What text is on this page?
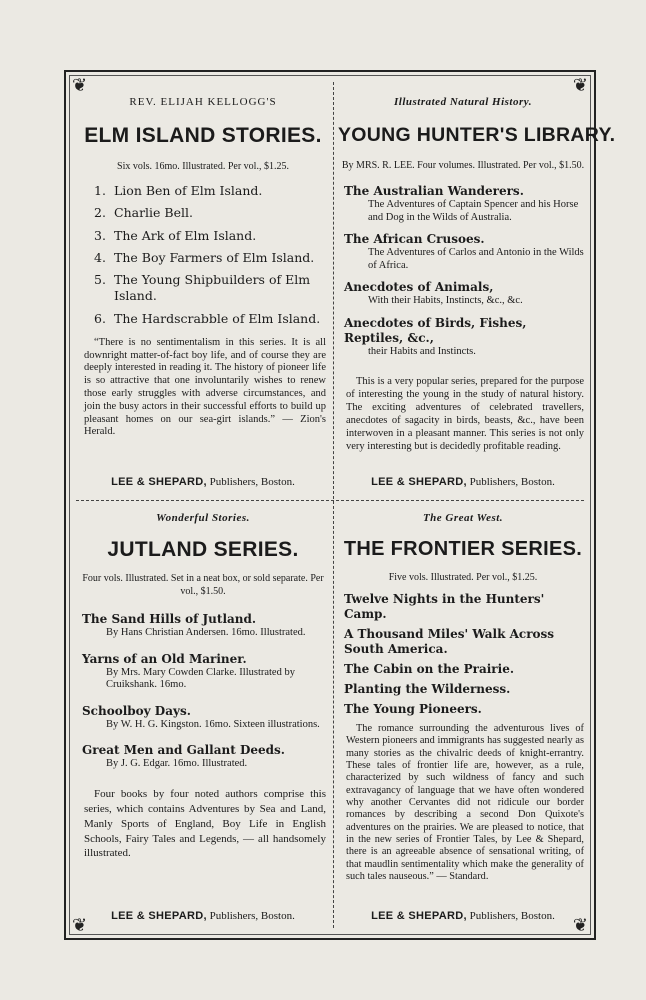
❦	❦
❦	❦
REV. ELIJAH KELLOGG'S
ELM ISLAND STORIES.
Six vols. 16mo. Illustrated. Per vol., $1.25.
1. Lion Ben of Elm Island.
2. Charlie Bell.
3. The Ark of Elm Island.
4. The Boy Farmers of Elm Island.
5. The Young Shipbuilders of Elm Island.
6. The Hardscrabble of Elm Island.
“There is no sentimentalism in this series. It is all downright matter-of-fact boy life, and of course they are deeply interested in reading it. The history of pioneer life is so attractive that one involuntarily wishes to renew those early struggles with adverse circumstances, and join the busy actors in their successful efforts to build up pleasant homes on our sea-girt islands.” — Zion's Herald.
LEE & SHEPARD, Publishers, Boston.
Illustrated Natural History.
YOUNG HUNTER'S LIBRARY.
By MRS. R. LEE. Four volumes. Illustrated. Per vol., $1.50.
The Australian Wanderers.
The Adventures of Captain Spencer and his Horse and Dog in the Wilds of Australia.
The African Crusoes.
The Adventures of Carlos and Antonio in the Wilds of Africa.
Anecdotes of Animals,
With their Habits, Instincts, &c., &c.
Anecdotes of Birds, Fishes, Reptiles, &c.,
their Habits and Instincts.
This is a very popular series, prepared for the purpose of interesting the young in the study of natural history. The exciting adventures of celebrated travellers, anecdotes of sagacity in birds, beasts, &c., have been interwoven in a pleasant manner. This series is not only very interesting but is decidedly profitable reading.
LEE & SHEPARD, Publishers, Boston.
Wonderful Stories.
JUTLAND SERIES.
Four vols. Illustrated. Set in a neat box, or sold separate. Per vol., $1.50.
The Sand Hills of Jutland.
By Hans Christian Andersen. 16mo. Illustrated.
Yarns of an Old Mariner.
By Mrs. Mary Cowden Clarke. Illustrated by Cruikshank. 16mo.
Schoolboy Days.
By W. H. G. Kingston. 16mo. Sixteen illustrations.
Great Men and Gallant Deeds.
By J. G. Edgar. 16mo. Illustrated.
Four books by four noted authors comprise this series, which contains Adventures by Sea and Land, Manly Sports of England, Boy Life in English Schools, Fairy Tales and Legends, — all handsomely illustrated.
LEE & SHEPARD, Publishers, Boston.
The Great West.
THE FRONTIER SERIES.
Five vols. Illustrated. Per vol., $1.25.
Twelve Nights in the Hunters' Camp.
A Thousand Miles' Walk Across South America.
The Cabin on the Prairie.
Planting the Wilderness.
The Young Pioneers.
The romance surrounding the adventurous lives of Western pioneers and immigrants has suggested nearly as many stories as the chivalric deeds of knight-errantry. These tales of frontier life are, however, as a rule, characterized by such wildness of fancy and such extravagancy of language that we have often wondered why another Cervantes did not ridicule our border romances by describing a second Don Quixote's adventures on the prairies. We are pleased to notice, that in the new series of Frontier Tales, by Lee & Shepard, there is an agreeable absence of sensational writing, of that maudlin sentimentality which make the generality of such tales nauseous.” — Standard.
LEE & SHEPARD, Publishers, Boston.
